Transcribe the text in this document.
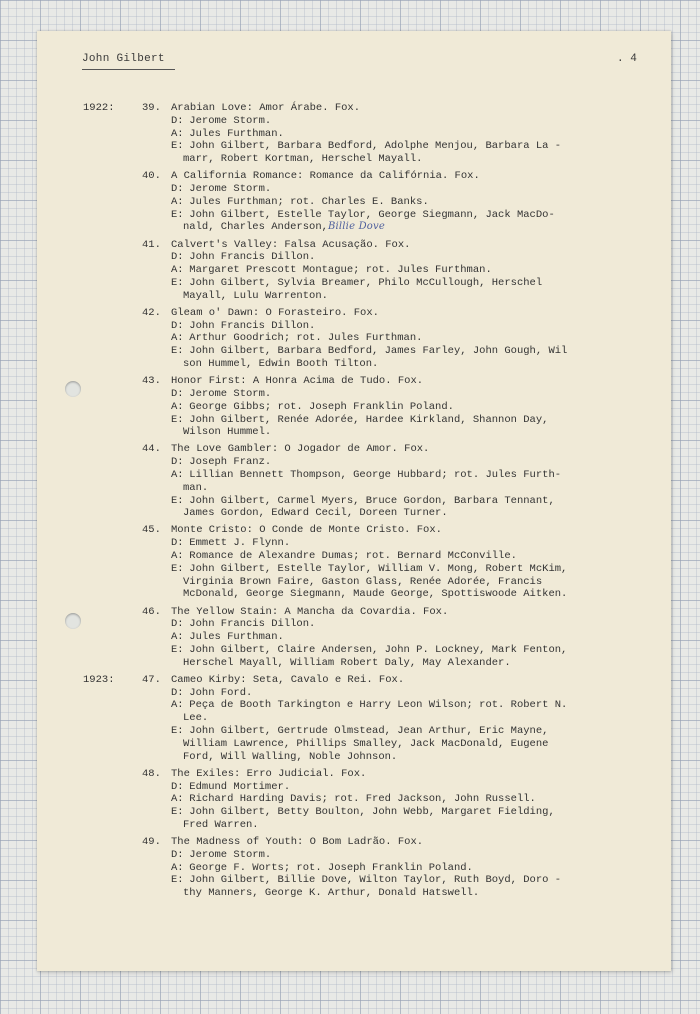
John Gilbert	. 4
1922:	39. Arabian Love: Amor Árabe. Fox.
D: Jerome Storm.
A: Jules Furthman.
E: John Gilbert, Barbara Bedford, Adolphe Menjou, Barbara La -
marr, Robert Kortman, Herschel Mayall.
40. A California Romance: Romance da Califórnia. Fox.
D: Jerome Storm.
A: Jules Furthman; rot. Charles E. Banks.
E: John Gilbert, Estelle Taylor, George Siegmann, Jack MacDo-
nald, Charles Anderson,Billie Dove
41. Calvert's Valley: Falsa Acusação. Fox.
D: John Francis Dillon.
A: Margaret Prescott Montague; rot. Jules Furthman.
E: John Gilbert, Sylvia Breamer, Philo McCullough, Herschel
Mayall, Lulu Warrenton.
42. Gleam o' Dawn: O Forasteiro. Fox.
D: John Francis Dillon.
A: Arthur Goodrich; rot. Jules Furthman.
E: John Gilbert, Barbara Bedford, James Farley, John Gough, Wil
son Hummel, Edwin Booth Tilton.
43. Honor First: A Honra Acima de Tudo. Fox.
D: Jerome Storm.
A: George Gibbs; rot. Joseph Franklin Poland.
E: John Gilbert, Renée Adorée, Hardee Kirkland, Shannon Day,
Wilson Hummel.
44. The Love Gambler: O Jogador de Amor. Fox.
D: Joseph Franz.
A: Lillian Bennett Thompson, George Hubbard; rot. Jules Furth-
man.
E: John Gilbert, Carmel Myers, Bruce Gordon, Barbara Tennant,
James Gordon, Edward Cecil, Doreen Turner.
45. Monte Cristo: O Conde de Monte Cristo. Fox.
D: Emmett J. Flynn.
A: Romance de Alexandre Dumas; rot. Bernard McConville.
E: John Gilbert, Estelle Taylor, William V. Mong, Robert McKim,
Virginia Brown Faire, Gaston Glass, Renée Adorée, Francis
McDonald, George Siegmann, Maude George, Spottiswoode Aitken.
46. The Yellow Stain: A Mancha da Covardia. Fox.
D: John Francis Dillon.
A: Jules Furthman.
E: John Gilbert, Claire Andersen, John P. Lockney, Mark Fenton,
Herschel Mayall, William Robert Daly, May Alexander.
1923:	47. Cameo Kirby: Seta, Cavalo e Rei. Fox.
D: John Ford.
A: Peça de Booth Tarkington e Harry Leon Wilson; rot. Robert N.
Lee.
E: John Gilbert, Gertrude Olmstead, Jean Arthur, Eric Mayne,
William Lawrence, Phillips Smalley, Jack MacDonald, Eugene
Ford, Will Walling, Noble Johnson.
48. The Exiles: Erro Judicial. Fox.
D: Edmund Mortimer.
A: Richard Harding Davis; rot. Fred Jackson, John Russell.
E: John Gilbert, Betty Boulton, John Webb, Margaret Fielding,
Fred Warren.
49. The Madness of Youth: O Bom Ladrão. Fox.
D: Jerome Storm.
A: George F. Worts; rot. Joseph Franklin Poland.
E: John Gilbert, Billie Dove, Wilton Taylor, Ruth Boyd, Doro -
thy Manners, George K. Arthur, Donald Hatswell.
